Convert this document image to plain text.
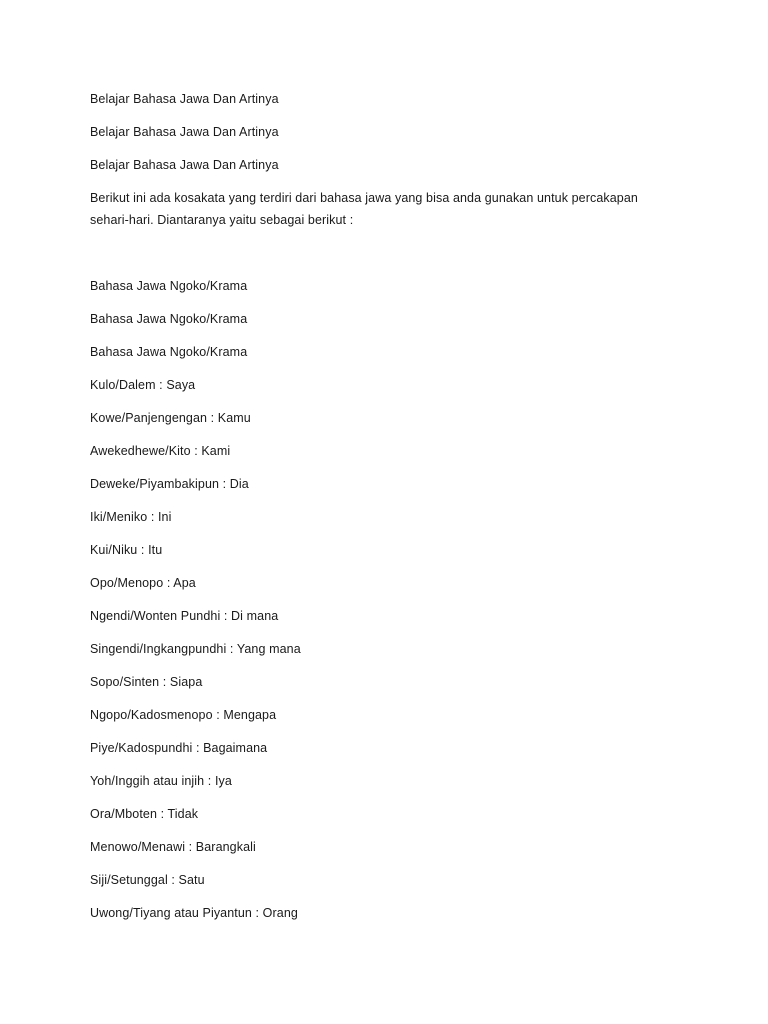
Belajar Bahasa Jawa Dan Artinya

Belajar Bahasa Jawa Dan Artinya

Belajar Bahasa Jawa Dan Artinya

Berikut ini ada kosakata yang terdiri dari bahasa jawa yang bisa anda gunakan untuk percakapan sehari-hari. Diantaranya yaitu sebagai berikut :

Bahasa Jawa Ngoko/Krama

Bahasa Jawa Ngoko/Krama

Bahasa Jawa Ngoko/Krama

Kulo/Dalem : Saya

Kowe/Panjengengan : Kamu

Awekedhewe/Kito : Kami

Deweke/Piyambakipun : Dia

Iki/Meniko : Ini

Kui/Niku : Itu

Opo/Menopo : Apa

Ngendi/Wonten Pundhi : Di mana

Singendi/Ingkangpundhi : Yang mana

Sopo/Sinten : Siapa

Ngopo/Kadosmenopo : Mengapa

Piye/Kadospundhi : Bagaimana

Yoh/Inggih atau injih : Iya

Ora/Mboten : Tidak

Menowo/Menawi : Barangkali

Siji/Setunggal : Satu

Uwong/Tiyang atau Piyantun : Orang
